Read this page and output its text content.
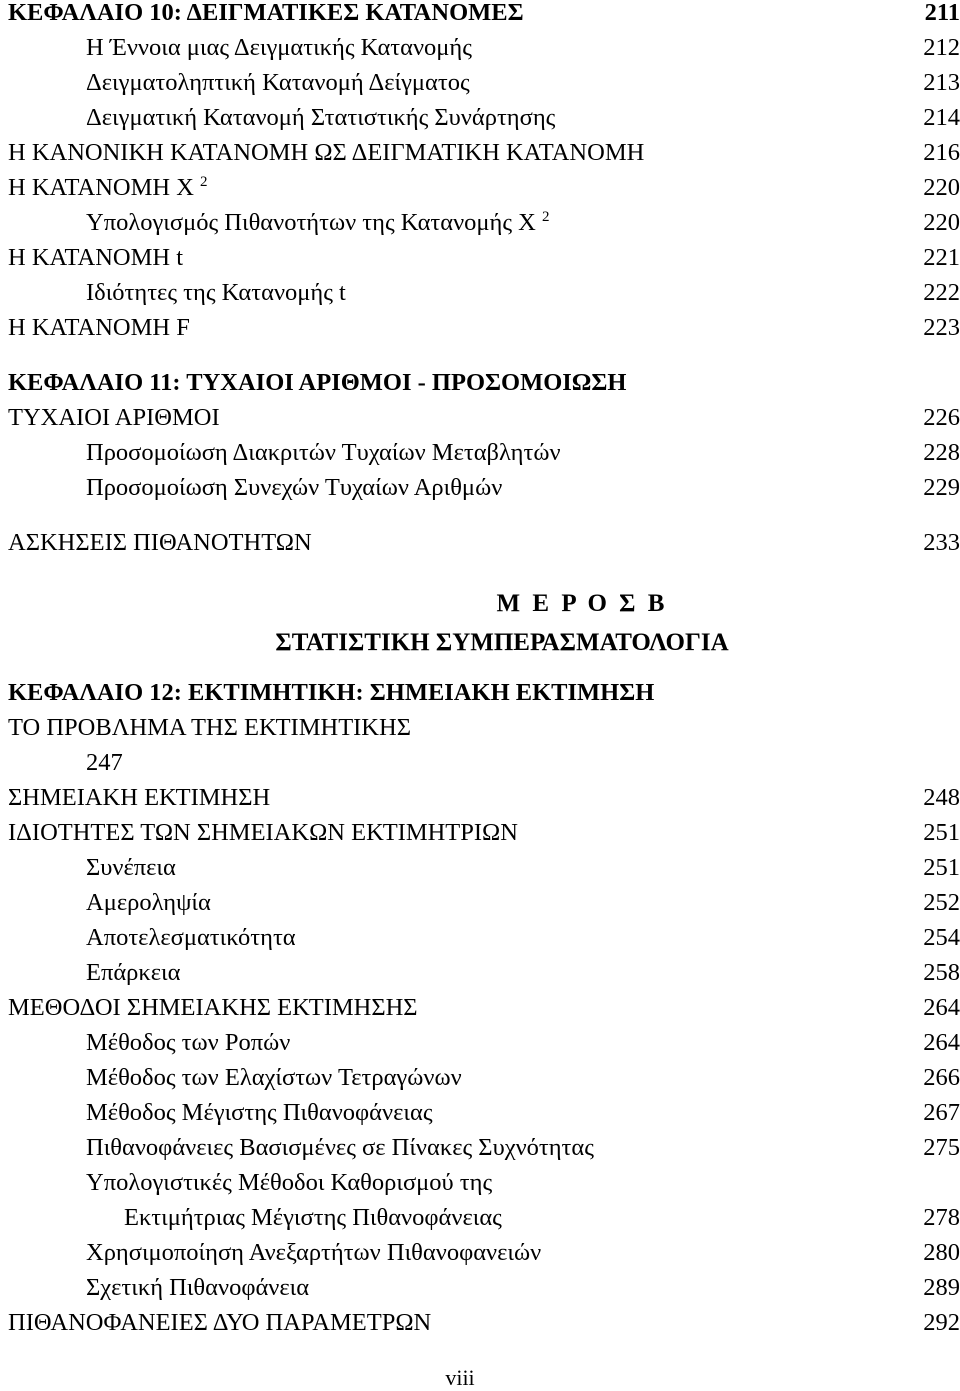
ΚΕΦΑΛΑΙΟ 10: ΔΕΙΓΜΑΤΙΚΕΣ ΚΑΤΑΝΟΜΕΣ	211
Η Έννοια μιας Δειγματικής Κατανομής	212
Δειγματοληπτική Κατανομή Δείγματος	213
Δειγματική Κατανομή Στατιστικής Συνάρτησης	214
Η ΚΑΝΟΝΙΚΗ ΚΑΤΑΝΟΜΗ ΩΣ ΔΕΙΓΜΑΤΙΚΗ ΚΑΤΑΝΟΜΗ	216
Η ΚΑΤΑΝΟΜΗ Χ $^2$	220
Υπολογισμός Πιθανοτήτων της Κατανομής Χ $^2$	220
Η ΚΑΤΑΝΟΜΗ t	221
Ιδιότητες της Κατανομής t	222
Η ΚΑΤΑΝΟΜΗ F	223
ΚΕΦΑΛΑΙΟ 11: ΤΥΧΑΙΟΙ ΑΡΙΘΜΟΙ - ΠΡΟΣΟΜΟΙΩΣΗ
ΤΥΧΑΙΟΙ ΑΡΙΘΜΟΙ	226
Προσομοίωση Διακριτών Τυχαίων Μεταβλητών	228
Προσομοίωση Συνεχών Τυχαίων Αριθμών	229
ΑΣΚΗΣΕΙΣ ΠΙΘΑΝΟΤΗΤΩΝ	233
ΚΕΦΑΛΑΙΟ 12: ΕΚΤΙΜΗΤΙΚΗ: ΣΗΜΕΙΑΚΗ ΕΚΤΙΜΗΣΗ
ΤΟ ΠΡΟΒΛΗΜΑ ΤΗΣ ΕΚΤΙΜΗΤΙΚΗΣ
247
ΣΗΜΕΙΑΚΗ ΕΚΤΙΜΗΣΗ	248
ΙΔΙΟΤΗΤΕΣ ΤΩΝ ΣΗΜΕΙΑΚΩΝ ΕΚΤΙΜΗΤΡΙΩΝ	251
Συνέπεια	251
Αμεροληψία	252
Αποτελεσματικότητα	254
Επάρκεια	258
ΜΕΘΟΔΟΙ ΣΗΜΕΙΑΚΗΣ ΕΚΤΙΜΗΣΗΣ	264
Μέθοδος των Ροπών	264
Μέθοδος των Ελαχίστων Τετραγώνων	266
Μέθοδος Μέγιστης Πιθανοφάνειας	267
Πιθανοφάνειες Βασισμένες σε Πίνακες Συχνότητας	275
Υπολογιστικές Μέθοδοι Καθορισμού της
Εκτιμήτριας Μέγιστης Πιθανοφάνειας	278
Χρησιμοποίηση Ανεξαρτήτων Πιθανοφανειών	280
Σχετική Πιθανοφάνεια	289
ΠΙΘΑΝΟΦΑΝΕΙΕΣ ΔΥΟ ΠΑΡΑΜΕΤΡΩΝ	292
Μ Ε Ρ Ο Σ Β
ΣΤΑΤΙΣΤΙΚΗ ΣΥΜΠΕΡΑΣΜΑΤΟΛΟΓΙΑ
viii
